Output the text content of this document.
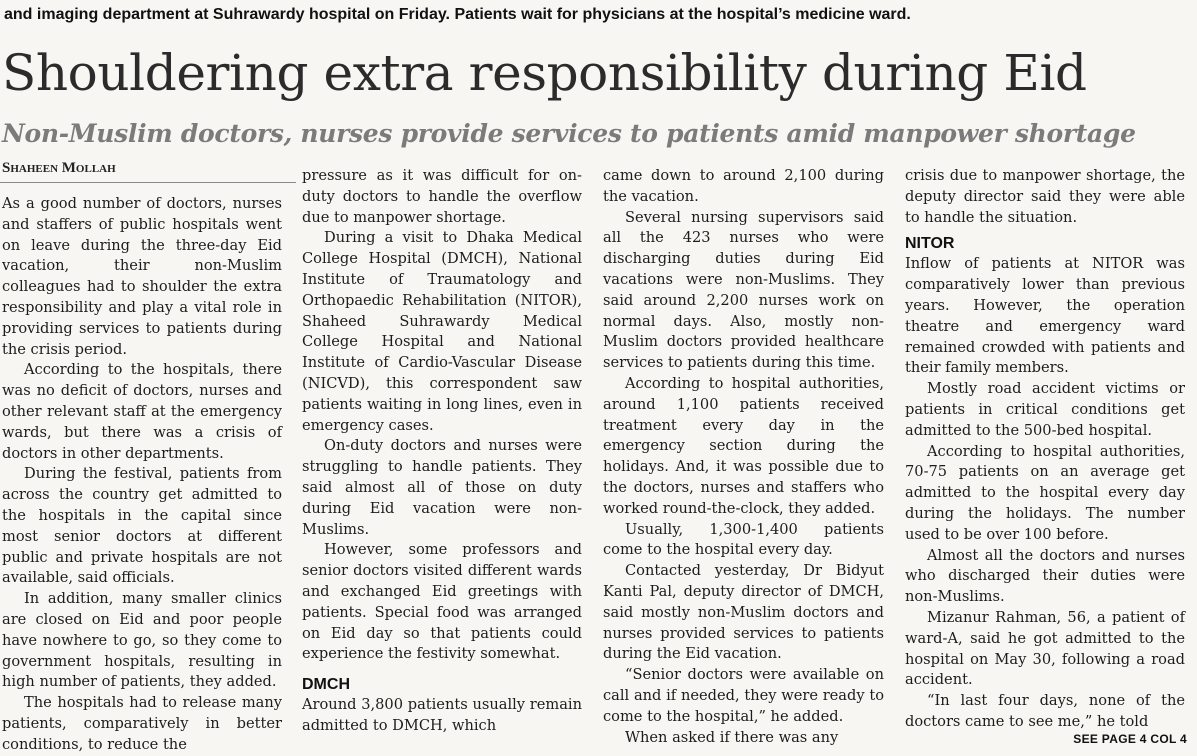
and imaging department at Suhrawardy hospital on Friday. Patients wait for physicians at the hospital’s medicine ward.
Shouldering extra responsibility during Eid
Non-Muslim doctors, nurses provide services to patients amid manpower shortage
Shaheen Mollah

As a good number of doctors, nurses and staffers of public hospitals went on leave during the three-day Eid vacation, their non-Muslim colleagues had to shoulder the extra responsibility and play a vital role in providing services to patients during the crisis period.

According to the hospitals, there was no deficit of doctors, nurses and other relevant staff at the emergency wards, but there was a crisis of doctors in other departments.

During the festival, patients from across the country get admitted to the hospitals in the capital since most senior doctors at different public and private hospitals are not available, said officials.

In addition, many smaller clinics are closed on Eid and poor people have nowhere to go, so they come to government hospitals, resulting in high number of patients, they added.

The hospitals had to release many patients, comparatively in better conditions, to reduce the

pressure as it was difficult for on-duty doctors to handle the overflow due to manpower shortage.

During a visit to Dhaka Medical College Hospital (DMCH), National Institute of Traumatology and Orthopaedic Rehabilitation (NITOR), Shaheed Suhrawardy Medical College Hospital and National Institute of Cardio-Vascular Disease (NICVD), this correspondent saw patients waiting in long lines, even in emergency cases.

On-duty doctors and nurses were struggling to handle patients. They said almost all of those on duty during Eid vacation were non-Muslims.

However, some professors and senior doctors visited different wards and exchanged Eid greetings with patients. Special food was arranged on Eid day so that patients could experience the festivity somewhat.

DMCH

Around 3,800 patients usually remain admitted to DMCH, which

came down to around 2,100 during the vacation.

Several nursing supervisors said all the 423 nurses who were discharging duties during Eid vacations were non-Muslims. They said around 2,200 nurses work on normal days. Also, mostly non-Muslim doctors provided healthcare services to patients during this time.

According to hospital authorities, around 1,100 patients received treatment every day in the emergency section during the holidays. And, it was possible due to the doctors, nurses and staffers who worked round-the-clock, they added.

Usually, 1,300-1,400 patients come to the hospital every day.

Contacted yesterday, Dr Bidyut Kanti Pal, deputy director of DMCH, said mostly non-Muslim doctors and nurses provided services to patients during the Eid vacation.

“Senior doctors were available on call and if needed, they were ready to come to the hospital,” he added.

When asked if there was any

crisis due to manpower shortage, the deputy director said they were able to handle the situation.

NITOR

Inflow of patients at NITOR was comparatively lower than previous years. However, the operation theatre and emergency ward remained crowded with patients and their family members.

Mostly road accident victims or patients in critical conditions get admitted to the 500-bed hospital.

According to hospital authorities, 70-75 patients on an average get admitted to the hospital every day during the holidays. The number used to be over 100 before.

Almost all the doctors and nurses who discharged their duties were non-Muslims.

Mizanur Rahman, 56, a patient of ward-A, said he got admitted to the hospital on May 30, following a road accident.

“In last four days, none of the doctors came to see me,” he told

SEE PAGE 4 COL 4
